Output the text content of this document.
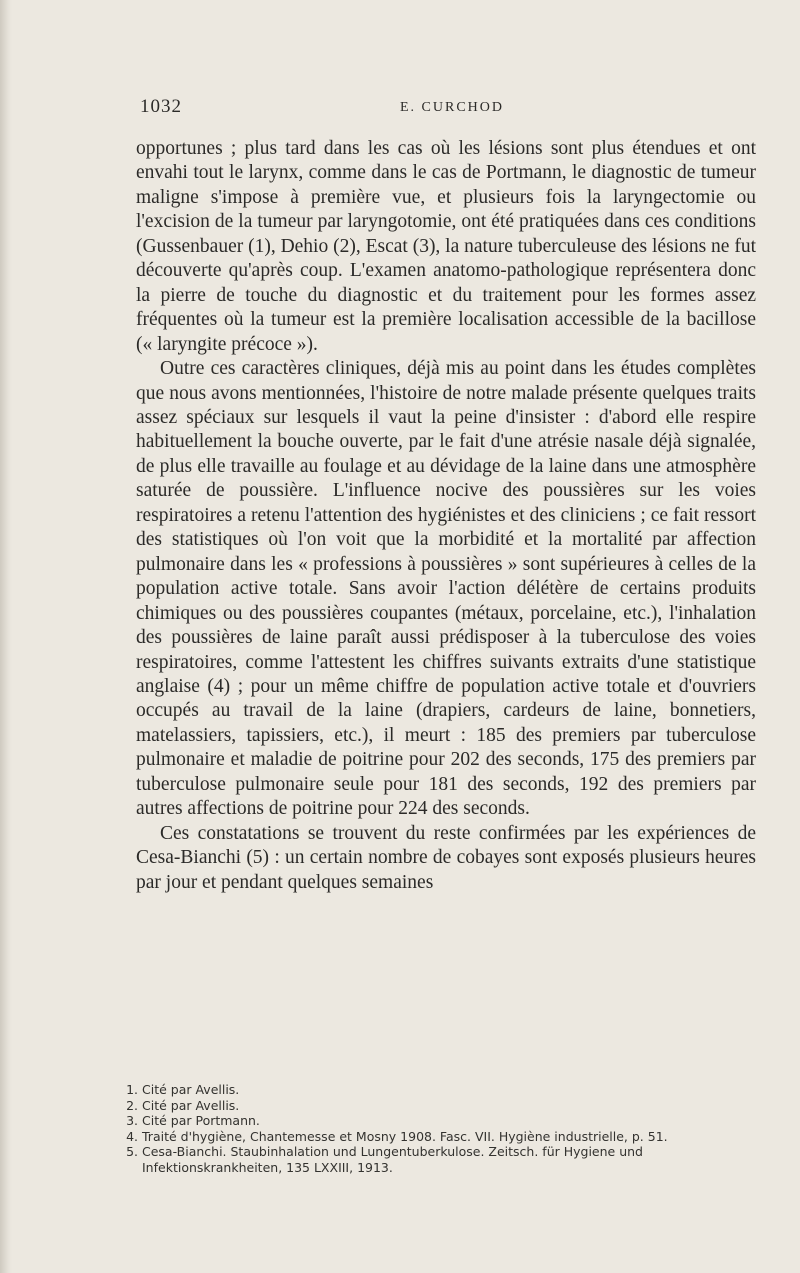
1032	E. CURCHOD

opportunes ; plus tard dans les cas où les lésions sont plus étendues et ont envahi tout le larynx, comme dans le cas de Portmann, le diagnostic de tumeur maligne s'impose à première vue, et plusieurs fois la laryngectomie ou l'excision de la tumeur par laryngotomie, ont été pratiquées dans ces conditions (Gussenbauer (1), Dehio (2), Escat (3), la nature tuberculeuse des lésions ne fut découverte qu'après coup. L'examen anatomo-pathologique représentera donc la pierre de touche du diagnostic et du traitement pour les formes assez fréquentes où la tumeur est la première localisation accessible de la bacillose (« laryngite précoce »).

Outre ces caractères cliniques, déjà mis au point dans les études complètes que nous avons mentionnées, l'histoire de notre malade présente quelques traits assez spéciaux sur lesquels il vaut la peine d'insister : d'abord elle respire habituellement la bouche ouverte, par le fait d'une atrésie nasale déjà signalée, de plus elle travaille au foulage et au dévidage de la laine dans une atmosphère saturée de poussière. L'influence nocive des poussières sur les voies respiratoires a retenu l'attention des hygiénistes et des cliniciens ; ce fait ressort des statistiques où l'on voit que la morbidité et la mortalité par affection pulmonaire dans les « professions à poussières » sont supérieures à celles de la population active totale. Sans avoir l'action délétère de certains produits chimiques ou des poussières coupantes (métaux, porcelaine, etc.), l'inhalation des poussières de laine paraît aussi prédisposer à la tuberculose des voies respiratoires, comme l'attestent les chiffres suivants extraits d'une statistique anglaise (4) ; pour un même chiffre de population active totale et d'ouvriers occupés au travail de la laine (drapiers, cardeurs de laine, bonnetiers, matelassiers, tapissiers, etc.), il meurt : 185 des premiers par tuberculose pulmonaire et maladie de poitrine pour 202 des seconds, 175 des premiers par tuberculose pulmonaire seule pour 181 des seconds, 192 des premiers par autres affections de poitrine pour 224 des seconds.

Ces constatations se trouvent du reste confirmées par les expériences de Cesa-Bianchi (5) : un certain nombre de cobayes sont exposés plusieurs heures par jour et pendant quelques semaines

1. Cité par Avellis.

2. Cité par Avellis.

3. Cité par Portmann.

4. Traité d'hygiène, Chantemesse et Mosny 1908. Fasc. VII. Hygiène industrielle, p. 51.

5. Cesa-Bianchi. Staubinhalation und Lungentuberkulose. Zeitsch. für Hygiene und Infektionskrankheiten, 135 LXXIII, 1913.
